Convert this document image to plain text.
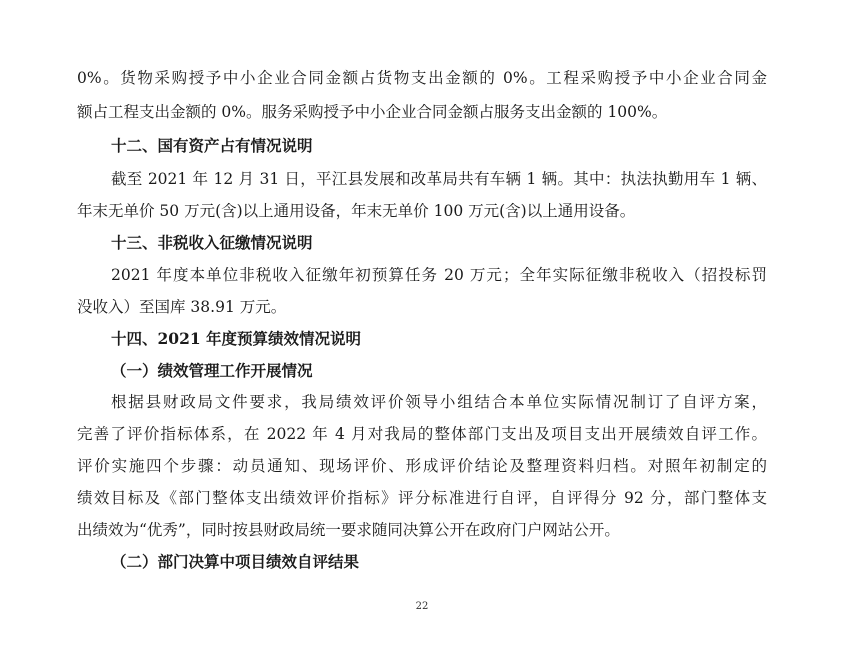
0%。货物采购授予中小企业合同金额占货物支出金额的 0%。工程采购授予中小企业合同金
额占工程支出金额的 0%。服务采购授予中小企业合同金额占服务支出金额的 100%。
十二、国有资产占有情况说明
截至 2021 年 12 月 31 日，平江县发展和改革局共有车辆 1 辆。其中：执法执勤用车 1 辆、
年末无单价 50 万元(含)以上通用设备，年末无单价 100 万元(含)以上通用设备。
十三、非税收入征缴情况说明
2021 年度本单位非税收入征缴年初预算任务 20 万元；全年实际征缴非税收入（招投标罚
没收入）至国库 38.91 万元。
十四、2021 年度预算绩效情况说明
（一）绩效管理工作开展情况
根据县财政局文件要求，我局绩效评价领导小组结合本单位实际情况制订了自评方案，
完善了评价指标体系，在 2022 年 4 月对我局的整体部门支出及项目支出开展绩效自评工作。
评价实施四个步骤：动员通知、现场评价、形成评价结论及整理资料归档。对照年初制定的
绩效目标及《部门整体支出绩效评价指标》评分标准进行自评，自评得分 92 分，部门整体支
出绩效为“优秀”，同时按县财政局统一要求随同决算公开在政府门户网站公开。
（二）部门决算中项目绩效自评结果
22
